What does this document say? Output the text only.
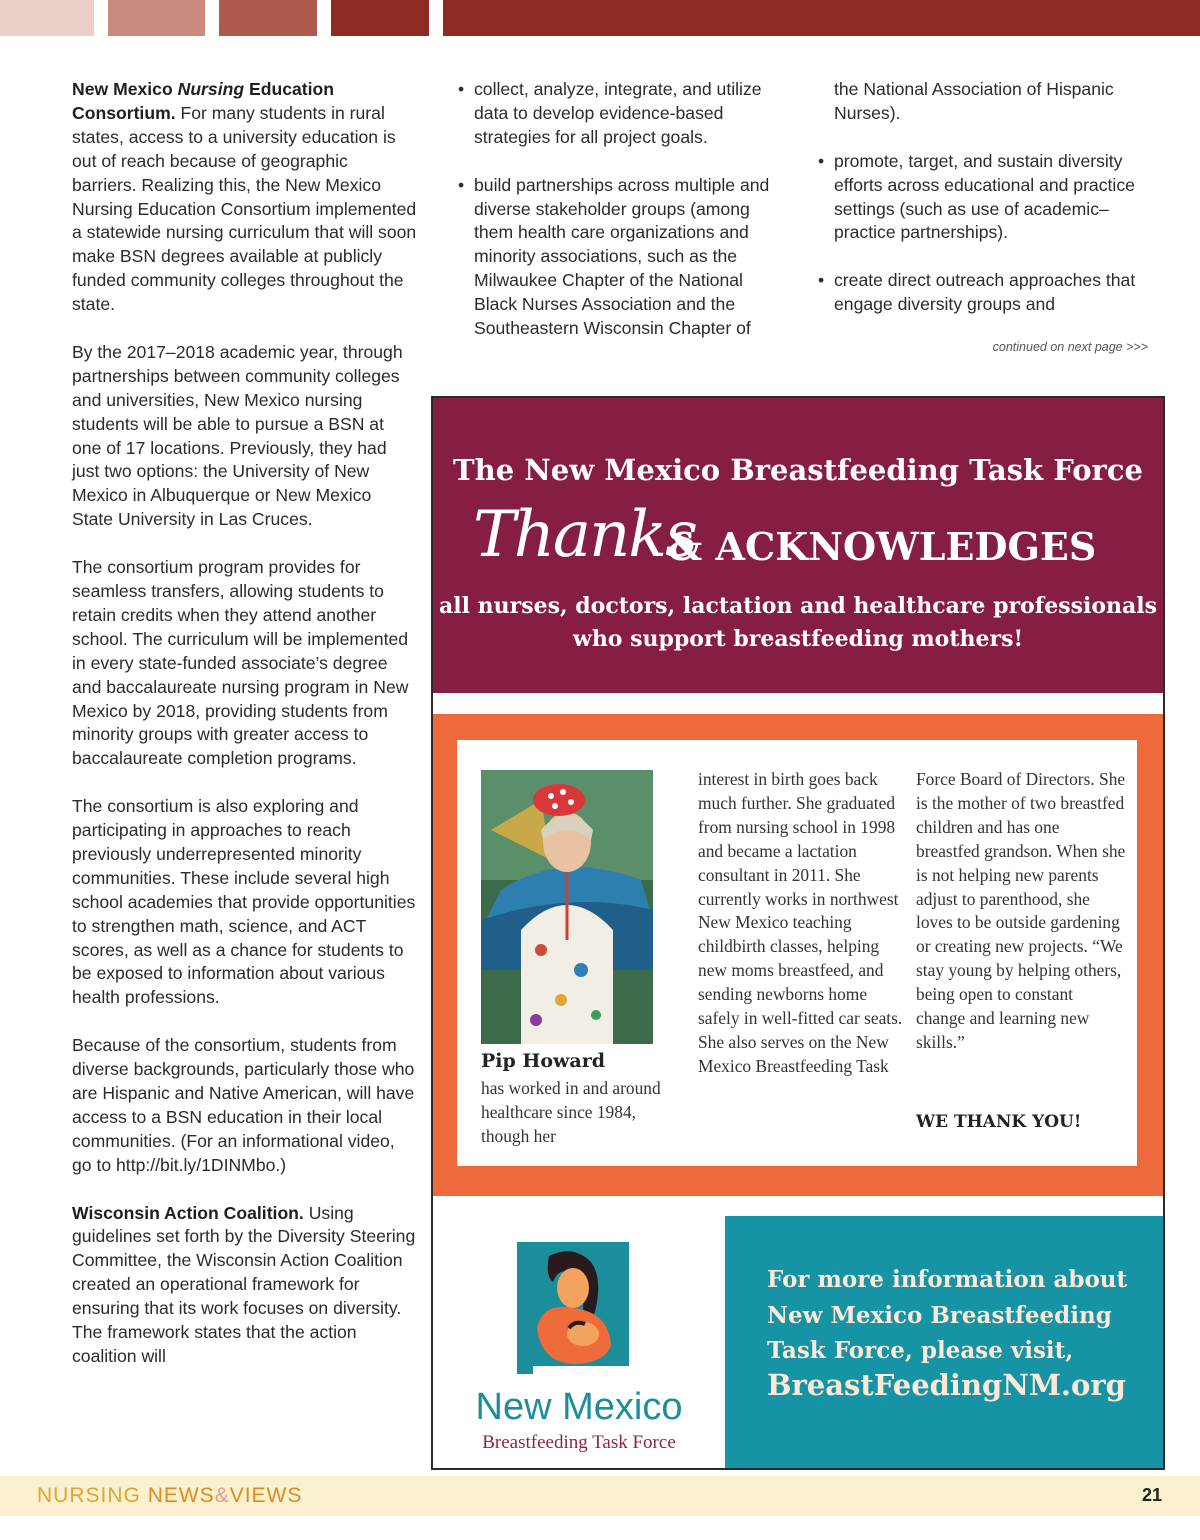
New Mexico Nursing Education Consortium. For many students in rural states, access to a university education is out of reach because of geographic barriers. Realizing this, the New Mexico Nursing Education Consortium implemented a statewide nursing curriculum that will soon make BSN degrees available at publicly funded community colleges throughout the state.

By the 2017–2018 academic year, through partnerships between community colleges and universities, New Mexico nursing students will be able to pursue a BSN at one of 17 locations. Previously, they had just two options: the University of New Mexico in Albuquerque or New Mexico State University in Las Cruces.

The consortium program provides for seamless transfers, allowing students to retain credits when they attend another school. The curriculum will be implemented in every state-funded associate’s degree and baccalaureate nursing program in New Mexico by 2018, providing students from minority groups with greater access to baccalaureate completion programs.

The consortium is also exploring and participating in approaches to reach previously underrepresented minority communities. These include several high school academies that provide opportunities to strengthen math, science, and ACT scores, as well as a chance for students to be exposed to information about various health professions.

Because of the consortium, students from diverse backgrounds, particularly those who are Hispanic and Native American, will have access to a BSN education in their local communities. (For an informational video, go to http://bit.ly/1DINMbo.)

Wisconsin Action Coalition. Using guidelines set forth by the Diversity Steering Committee, the Wisconsin Action Coalition created an operational framework for ensuring that its work focuses on diversity. The framework states that the action coalition will

• collect, analyze, integrate, and utilize data to develop evidence-based strategies for all project goals.
• build partnerships across multiple and diverse stakeholder groups (among them health care organizations and minority associations, such as the Milwaukee Chapter of the National Black Nurses Association and the Southeastern Wisconsin Chapter of
the National Association of Hispanic Nurses).
• promote, target, and sustain diversity efforts across educational and practice settings (such as use of academic–practice partnerships).
• create direct outreach approaches that engage diversity groups and
continued on next page >>>
The New Mexico Breastfeeding Task Force
Thanks
& ACKNOWLEDGES
all nurses, doctors, lactation and healthcare professionals who support breastfeeding mothers!
Pip Howard
has worked in and around healthcare since 1984, though her
interest in birth goes back much further. She graduated from nursing school in 1998 and became a lactation consultant in 2011. She currently works in northwest New Mexico teaching childbirth classes, helping new moms breastfeed, and sending newborns home safely in well-fitted car seats. She also serves on the New Mexico Breastfeeding Task
Force Board of Directors. She is the mother of two breastfed children and has one breastfed grandson. When she is not helping new parents adjust to parenthood, she loves to be outside gardening or creating new projects. “We stay young by helping others, being open to constant change and learning new skills.”
WE THANK YOU!
New Mexico
Breastfeeding Task Force
For more information about New Mexico Breastfeeding Task Force, please visit,
BreastFeedingNM.org
NURSING NEWS&VIEWS	21
